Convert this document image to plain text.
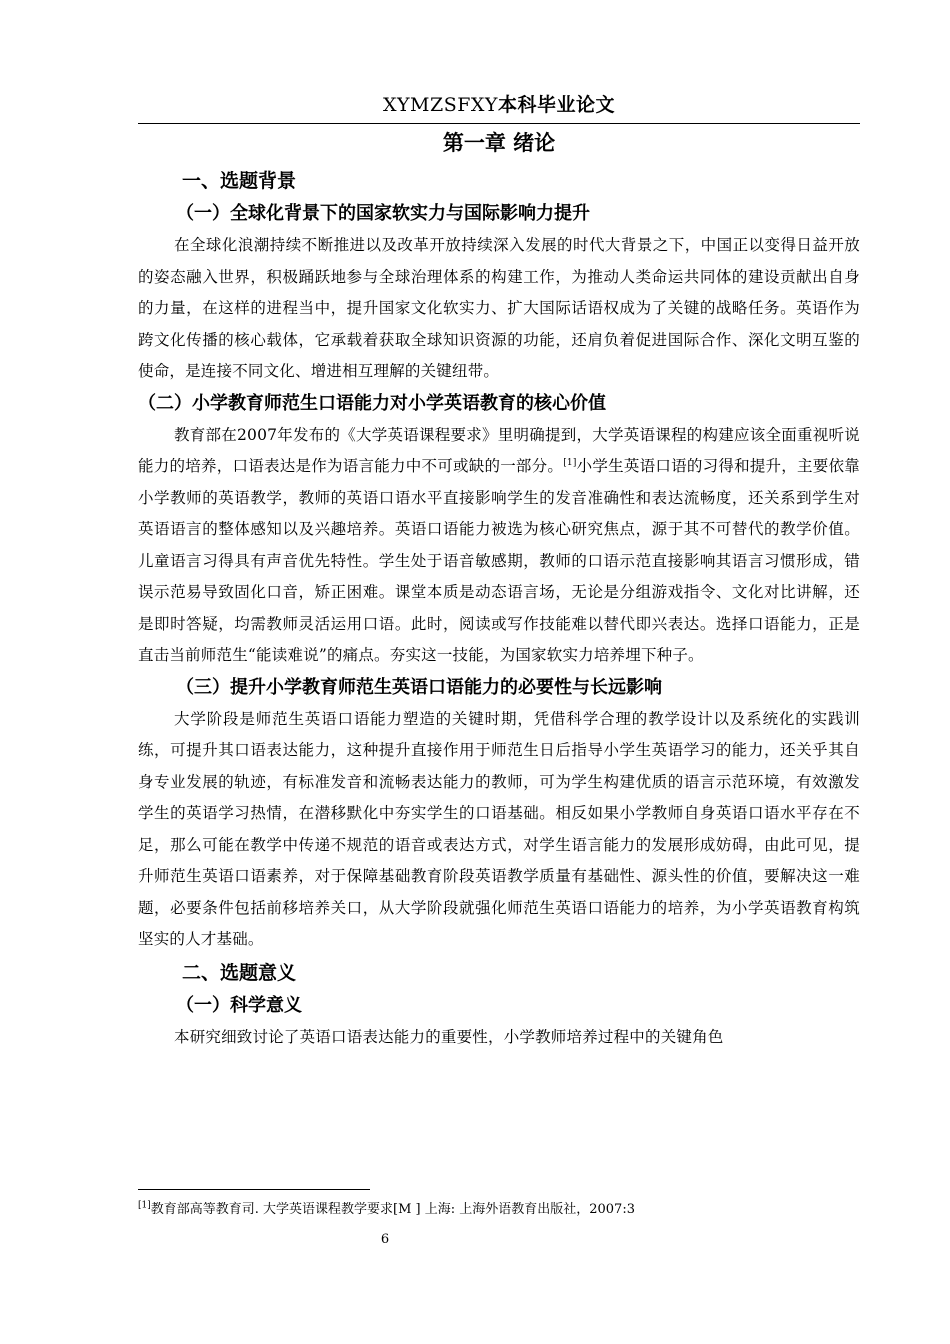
XYMZSFXY本科毕业论文
第一章 绪论
一、选题背景
（一）全球化背景下的国家软实力与国际影响力提升

在全球化浪潮持续不断推进以及改革开放持续深入发展的时代大背景之下，中国正以变得日益开放的姿态融入世界，积极踊跃地参与全球治理体系的构建工作，为推动人类命运共同体的建设贡献出自身的力量，在这样的进程当中，提升国家文化软实力、扩大国际话语权成为了关键的战略任务。英语作为跨文化传播的核心载体，它承载着获取全球知识资源的功能，还肩负着促进国际合作、深化文明互鉴的使命，是连接不同文化、增进相互理解的关键纽带。

（二）小学教育师范生口语能力对小学英语教育的核心价值

教育部在2007年发布的《大学英语课程要求》里明确提到，大学英语课程的构建应该全面重视听说能力的培养，口语表达是作为语言能力中不可或缺的一部分。[1]小学生英语口语的习得和提升，主要依靠小学教师的英语教学，教师的英语口语水平直接影响学生的发音准确性和表达流畅度，还关系到学生对英语语言的整体感知以及兴趣培养。英语口语能力被选为核心研究焦点，源于其不可替代的教学价值。儿童语言习得具有声音优先特性。学生处于语音敏感期，教师的口语示范直接影响其语言习惯形成，错误示范易导致固化口音，矫正困难。课堂本质是动态语言场，无论是分组游戏指令、文化对比讲解，还是即时答疑，均需教师灵活运用口语。此时，阅读或写作技能难以替代即兴表达。选择口语能力，正是直击当前师范生“能读难说”的痛点。夯实这一技能，为国家软实力培养埋下种子。

（三）提升小学教育师范生英语口语能力的必要性与长远影响

大学阶段是师范生英语口语能力塑造的关键时期，凭借科学合理的教学设计以及系统化的实践训练，可提升其口语表达能力，这种提升直接作用于师范生日后指导小学生英语学习的能力，还关乎其自身专业发展的轨迹，有标准发音和流畅表达能力的教师，可为学生构建优质的语言示范环境，有效激发学生的英语学习热情，在潜移默化中夯实学生的口语基础。相反如果小学教师自身英语口语水平存在不足，那么可能在教学中传递不规范的语音或表达方式，对学生语言能力的发展形成妨碍，由此可见，提升师范生英语口语素养，对于保障基础教育阶段英语教学质量有基础性、源头性的价值，要解决这一难题，必要条件包括前移培养关口，从大学阶段就强化师范生英语口语能力的培养，为小学英语教育构筑坚实的人才基础。

二、选题意义
（一）科学意义

本研究细致讨论了英语口语表达能力的重要性，小学教师培养过程中的关键角色

[1]教育部高等教育司. 大学英语课程教学要求[M ] 上海: 上海外语教育出版社，2007:3
6
